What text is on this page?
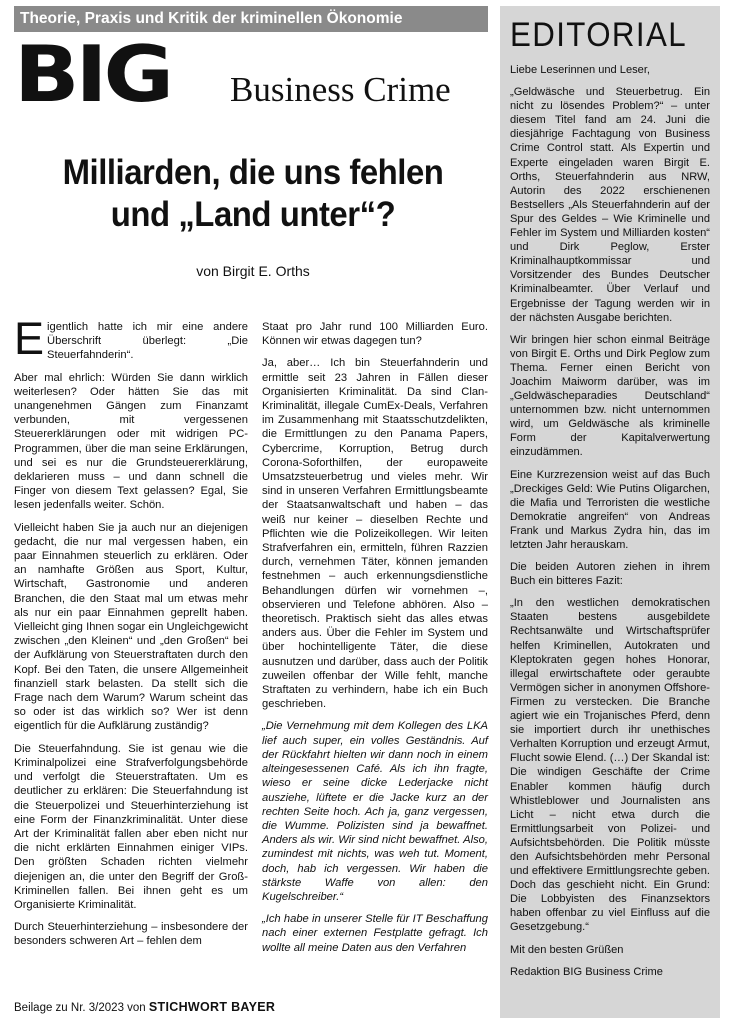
Theorie, Praxis und Kritik der kriminellen Ökonomie
BIG Business Crime
Milliarden, die uns fehlen
und „Land unter“?
von Birgit E. Orths

Eigentlich hatte ich mir eine andere Überschrift überlegt: „Die Steuerfahnderin“.

Aber mal ehrlich: Würden Sie dann wirklich weiterlesen? Oder hätten Sie das mit unangenehmen Gängen zum Finanzamt verbunden, mit vergessenen Steuererklärungen oder mit widrigen PC-Programmen, über die man seine Erklärungen, und sei es nur die Grundsteuererklärung, deklarieren muss – und dann schnell die Finger von diesem Text gelassen? Egal, Sie lesen jedenfalls weiter. Schön.

Vielleicht haben Sie ja auch nur an diejenigen gedacht, die nur mal vergessen haben, ein paar Einnahmen steuerlich zu erklären. Oder an namhafte Größen aus Sport, Kultur, Wirtschaft, Gastronomie und anderen Branchen, die den Staat mal um etwas mehr als nur ein paar Einnahmen geprellt haben. Vielleicht ging Ihnen sogar ein Ungleichgewicht zwischen „den Kleinen“ und „den Großen“ bei der Aufklärung von Steuerstraftaten durch den Kopf. Bei den Taten, die unsere Allgemeinheit finanziell stark belasten. Da stellt sich die Frage nach dem Warum? Warum scheint das so oder ist das wirklich so? Wer ist denn eigentlich für die Aufklärung zuständig?

Die Steuerfahndung. Sie ist genau wie die Kriminalpolizei eine Strafverfolgungsbehörde und verfolgt die Steuerstraftaten. Um es deutlicher zu erklären: Die Steuerfahndung ist die Steuerpolizei und Steuerhinterziehung ist eine Form der Finanzkriminalität. Unter diese Art der Kriminalität fallen aber eben nicht nur die nicht erklärten Einnahmen einiger VIPs. Den größten Schaden richten vielmehr diejenigen an, die unter den Begriff der Groß-Kriminellen fallen. Bei ihnen geht es um Organisierte Kriminalität.

Durch Steuerhinterziehung – insbesondere der besonders schweren Art – fehlen dem

Staat pro Jahr rund 100 Milliarden Euro. Können wir etwas dagegen tun?

Ja, aber… Ich bin Steuerfahnderin und ermittle seit 23 Jahren in Fällen dieser Organisierten Kriminalität. Da sind Clan-Kriminalität, illegale CumEx-Deals, Verfahren im Zusammenhang mit Staatsschutzdelikten, die Ermittlungen zu den Panama Papers, Cybercrime, Korruption, Betrug durch Corona-Soforthilfen, der europaweite Umsatzsteuerbetrug und vieles mehr. Wir sind in unseren Verfahren Ermittlungsbeamte der Staatsanwaltschaft und haben – das weiß nur keiner – dieselben Rechte und Pflichten wie die Polizeikollegen. Wir leiten Strafverfahren ein, ermitteln, führen Razzien durch, vernehmen Täter, können jemanden festnehmen – auch erkennungsdienstliche Behandlungen dürfen wir vornehmen –, observieren und Telefone abhören. Also – theoretisch. Praktisch sieht das alles etwas anders aus. Über die Fehler im System und über hochintelligente Täter, die diese ausnutzen und darüber, dass auch der Politik zuweilen offenbar der Wille fehlt, manche Straftaten zu verhindern, habe ich ein Buch geschrieben.

„Die Vernehmung mit dem Kollegen des LKA lief auch super, ein volles Geständnis. Auf der Rückfahrt hielten wir dann noch in einem alteingesessenen Café. Als ich ihn fragte, wieso er seine dicke Lederjacke nicht ausziehe, lüftete er die Jacke kurz an der rechten Seite hoch. Ach ja, ganz vergessen, die Wumme. Polizisten sind ja bewaffnet. Anders als wir. Wir sind nicht bewaffnet. Also, zumindest mit nichts, was weh tut. Moment, doch, hab ich vergessen. Wir haben die stärkste Waffe von allen: den Kugelschreiber.“

„Ich habe in unserer Stelle für IT Beschaffung nach einer externen Festplatte gefragt. Ich wollte all meine Daten aus den Verfahren

Beilage zu Nr. 3/2023 von STICHWORT BAYER
EDITORIAL

Liebe Leserinnen und Leser,

„Geldwäsche und Steuerbetrug. Ein nicht zu lösendes Problem?“ – unter diesem Titel fand am 24. Juni die diesjährige Fachtagung von Business Crime Control statt. Als Expertin und Experte eingeladen waren Birgit E. Orths, Steuerfahnderin aus NRW, Autorin des 2022 erschienenen Bestsellers „Als Steuerfahnderin auf der Spur des Geldes – Wie Kriminelle und Fehler im System und Milliarden kosten“ und Dirk Peglow, Erster Kriminalhauptkommissar und Vorsitzender des Bundes Deutscher Kriminalbeamter. Über Verlauf und Ergebnisse der Tagung werden wir in der nächsten Ausgabe berichten.

Wir bringen hier schon einmal Beiträge von Birgit E. Orths und Dirk Peglow zum Thema. Ferner einen Bericht von Joachim Maiworm darüber, was im „Geldwäscheparadies Deutschland“ unternommen bzw. nicht unternommen wird, um Geldwäsche als kriminelle Form der Kapitalverwertung einzudämmen.

Eine Kurzrezension weist auf das Buch „Dreckiges Geld: Wie Putins Oligarchen, die Mafia und Terroristen die westliche Demokratie angreifen“ von Andreas Frank und Markus Zydra hin, das im letzten Jahr herauskam.

Die beiden Autoren ziehen in ihrem Buch ein bitteres Fazit:

„In den westlichen demokratischen Staaten bestens ausgebildete Rechtsanwälte und Wirtschaftsprüfer helfen Kriminellen, Autokraten und Kleptokraten gegen hohes Honorar, illegal erwirtschaftete oder geraubte Vermögen sicher in anonymen Offshore-Firmen zu verstecken. Die Branche agiert wie ein Trojanisches Pferd, denn sie importiert durch ihr unethisches Verhalten Korruption und erzeugt Armut, Flucht sowie Elend. (…) Der Skandal ist: Die windigen Geschäfte der Crime Enabler kommen häufig durch Whistleblower und Journalisten ans Licht – nicht etwa durch die Ermittlungsarbeit von Polizei- und Aufsichtsbehörden. Die Politik müsste den Aufsichtsbehörden mehr Personal und effektivere Ermittlungsrechte geben. Doch das geschieht nicht. Ein Grund: Die Lobbyisten des Finanzsektors haben offenbar zu viel Einfluss auf die Gesetzgebung.“

Mit den besten Grüßen

Redaktion BIG Business Crime
